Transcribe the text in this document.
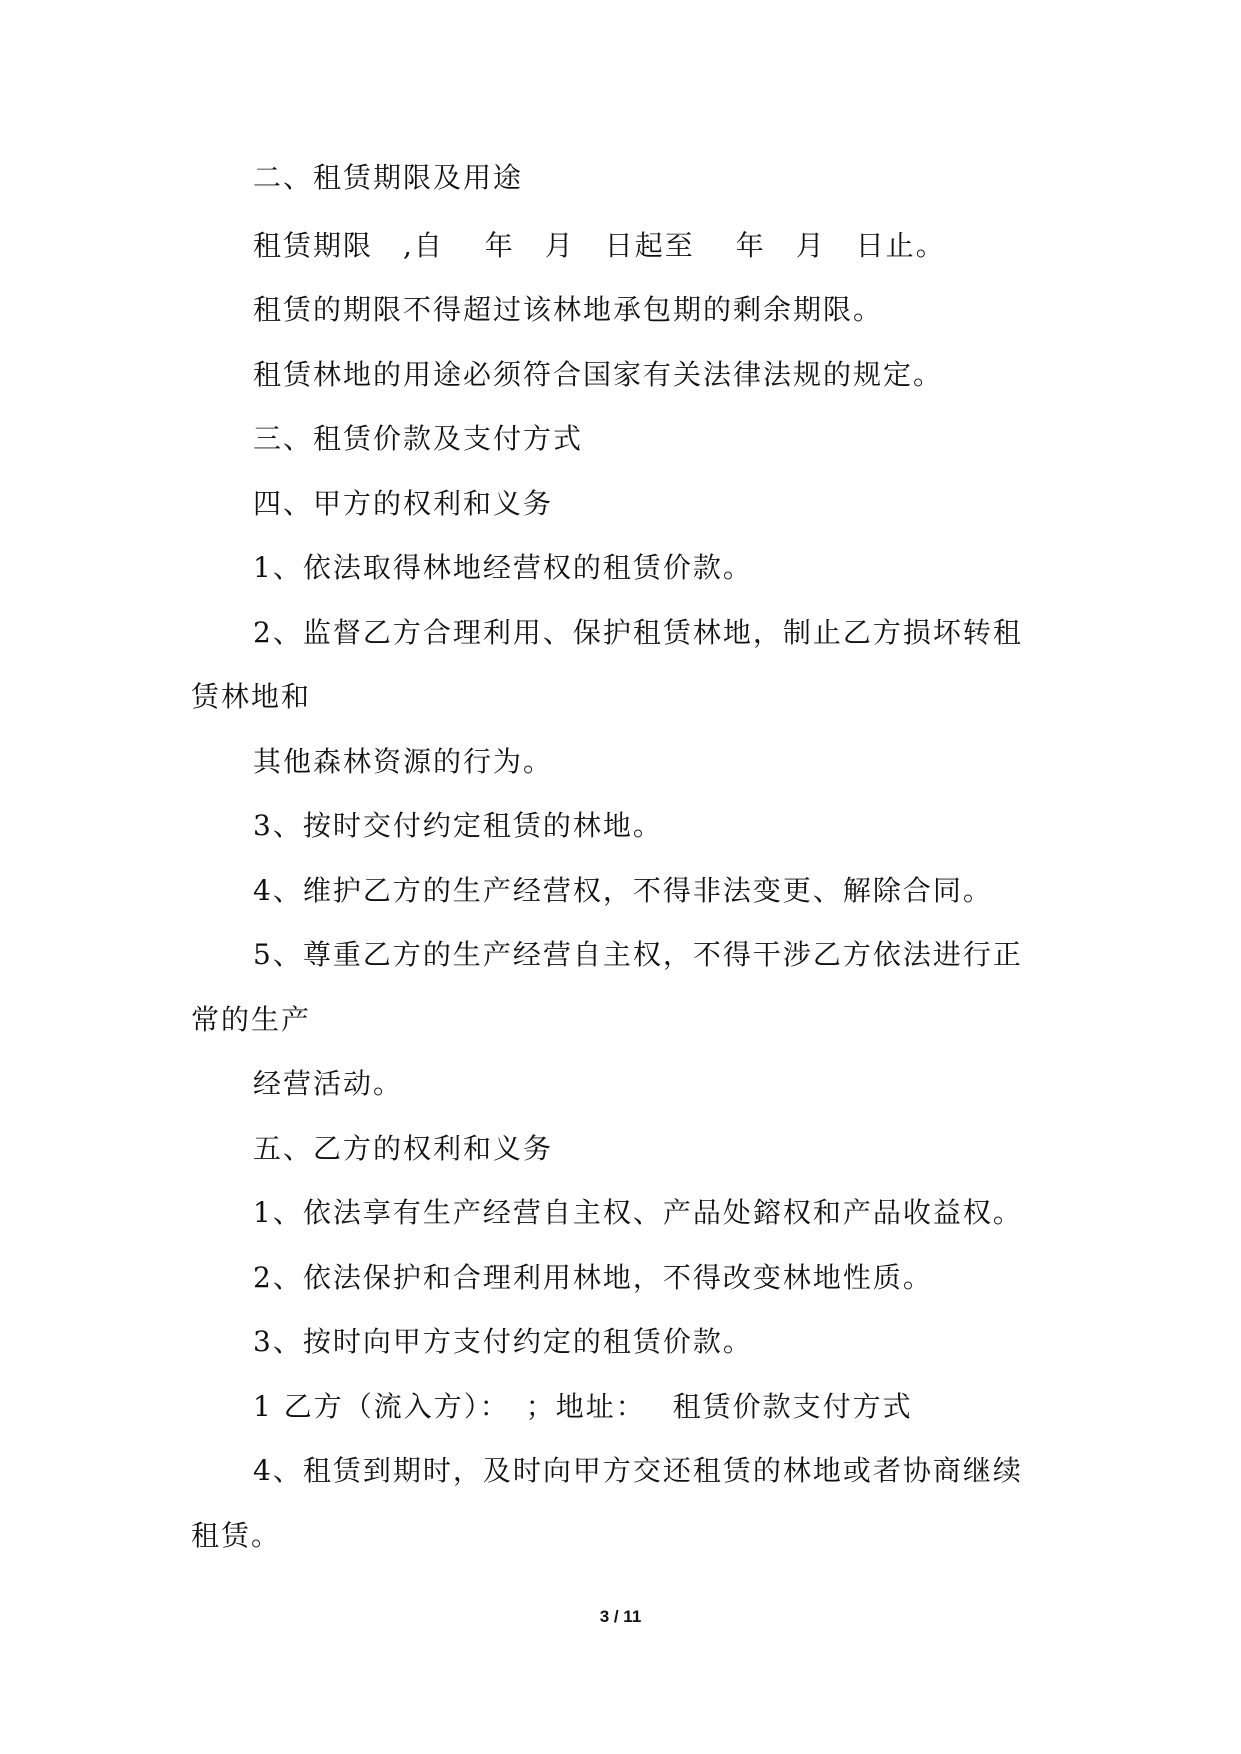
二、租赁期限及用途
租赁期限　,自　 年　月　日起至　 年　月　日止。
租赁的期限不得超过该林地承包期的剩余期限。
租赁林地的用途必须符合国家有关法律法规的规定。
三、租赁价款及支付方式
四、甲方的权利和义务
1、依法取得林地经营权的租赁价款。
2、监督乙方合理利用、保护租赁林地，制止乙方损坏转租
赁林地和
其他森林资源的行为。
3、按时交付约定租赁的林地。
4、维护乙方的生产经营权，不得非法变更、解除合同。
5、尊重乙方的生产经营自主权，不得干涉乙方依法进行正
常的生产
经营活动。
五、乙方的权利和义务
1、依法享有生产经营自主权、产品处鎔权和产品收益权。
2、依法保护和合理利用林地，不得改变林地性质。
3、按时向甲方支付约定的租赁价款。
1 乙方（流入方）：　；地址：　 租赁价款支付方式
4、租赁到期时，及时向甲方交还租赁的林地或者协商继续
租赁。
3 / 11
